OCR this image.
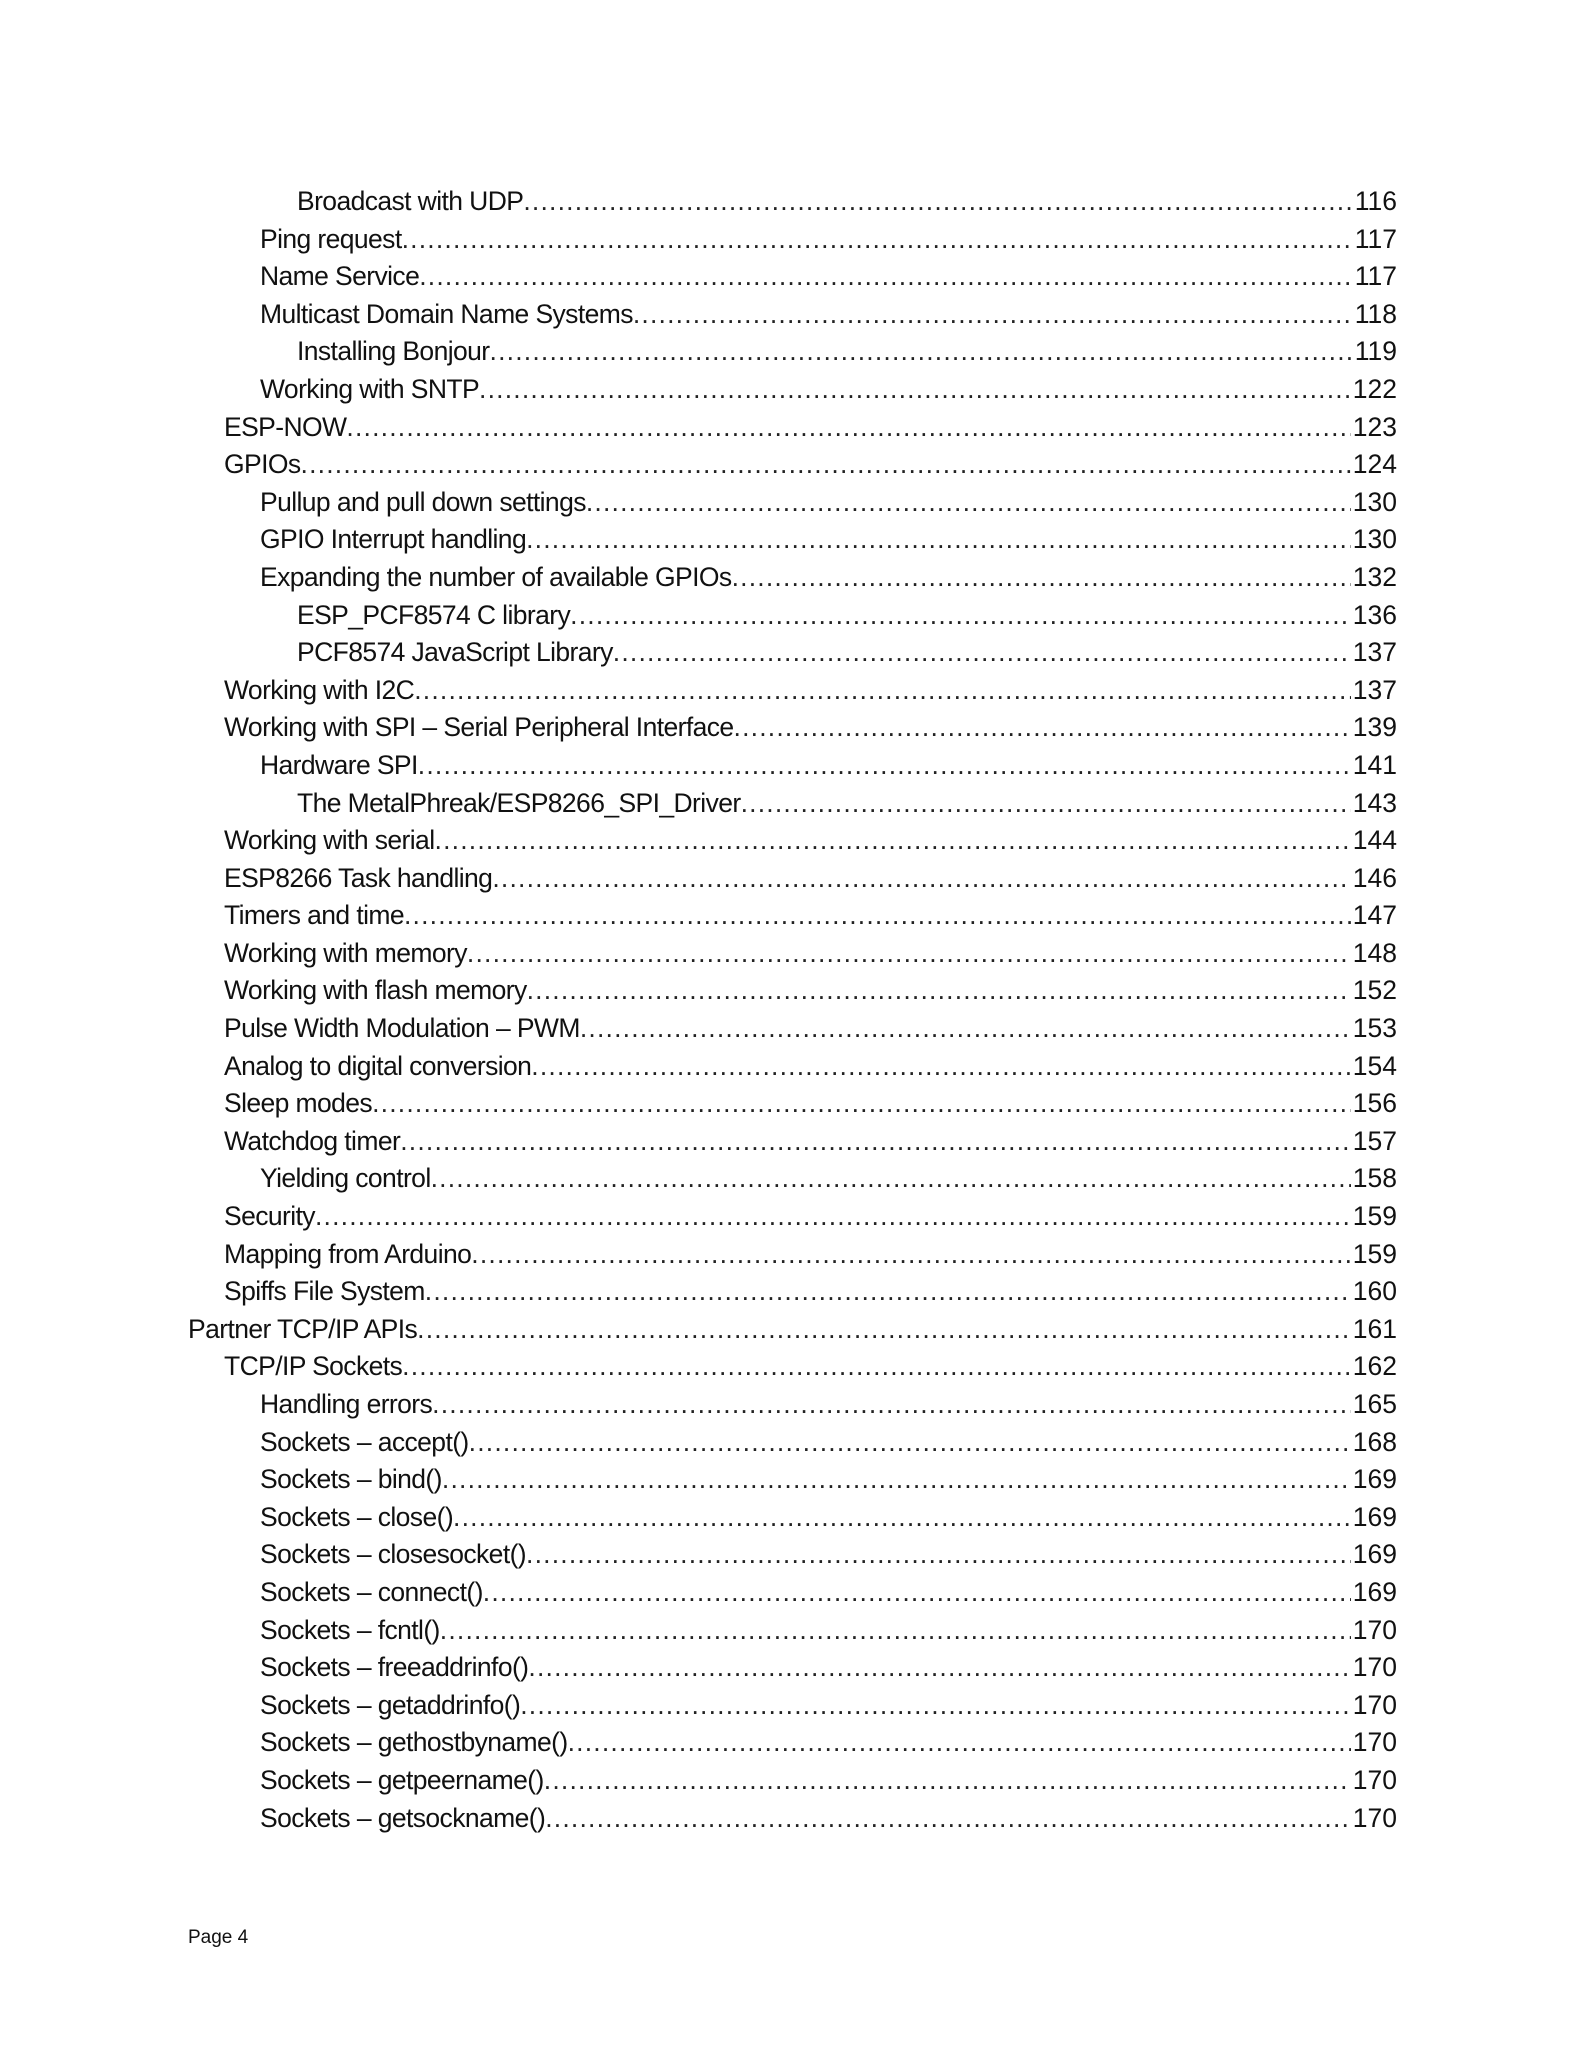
Broadcast with UDP .....	116
Ping request .....	117
Name Service .....	117
Multicast Domain Name Systems .....	118
Installing Bonjour .....	119
Working with SNTP .....	122
ESP-NOW .....	123
GPIOs .....	124
Pullup and pull down settings .....	130
GPIO Interrupt handling .....	130
Expanding the number of available GPIOs .....	132
ESP_PCF8574 C library .....	136
PCF8574 JavaScript Library .....	137
Working with I2C .....	137
Working with SPI – Serial Peripheral Interface .....	139
Hardware SPI .....	141
The MetalPhreak/ESP8266_SPI_Driver .....	143
Working with serial .....	144
ESP8266 Task handling .....	146
Timers and time .....	147
Working with memory .....	148
Working with flash memory .....	152
Pulse Width Modulation – PWM .....	153
Analog to digital conversion .....	154
Sleep modes .....	156
Watchdog timer .....	157
Yielding control .....	158
Security .....	159
Mapping from Arduino .....	159
Spiffs File System .....	160
Partner TCP/IP APIs .....	161
TCP/IP Sockets .....	162
Handling errors .....	165
Sockets – accept() .....	168
Sockets – bind() .....	169
Sockets – close() .....	169
Sockets – closesocket() .....	169
Sockets – connect() .....	169
Sockets – fcntl() .....	170
Sockets – freeaddrinfo() .....	170
Sockets – getaddrinfo() .....	170
Sockets – gethostbyname() .....	170
Sockets – getpeername() .....	170
Sockets – getsockname() .....	170
Page 4
